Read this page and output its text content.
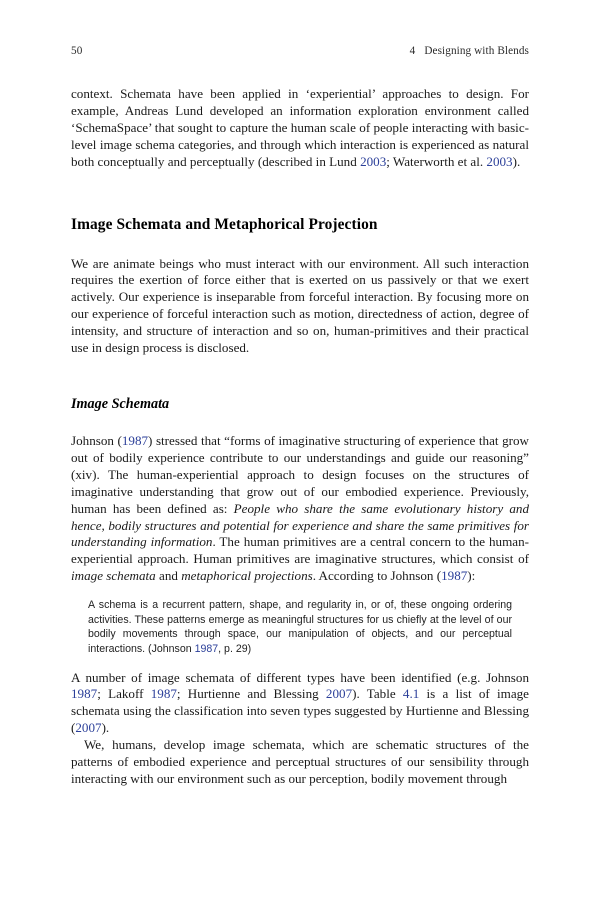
50	4 Designing with Blends

context. Schemata have been applied in ‘experiential’ approaches to design. For example, Andreas Lund developed an information exploration environment called ‘SchemaSpace’ that sought to capture the human scale of people interacting with basic-level image schema categories, and through which interaction is experienced as natural both conceptually and perceptually (described in Lund 2003; Waterworth et al. 2003).

Image Schemata and Metaphorical Projection

We are animate beings who must interact with our environment. All such interaction requires the exertion of force either that is exerted on us passively or that we exert actively. Our experience is inseparable from forceful interaction. By focusing more on our experience of forceful interaction such as motion, directedness of action, degree of intensity, and structure of interaction and so on, human-primitives and their practical use in design process is disclosed.

Image Schemata

Johnson (1987) stressed that “forms of imaginative structuring of experience that grow out of bodily experience contribute to our understandings and guide our reasoning” (xiv). The human-experiential approach to design focuses on the structures of imaginative understanding that grow out of our embodied experience. Previously, human has been defined as: People who share the same evolutionary history and hence, bodily structures and potential for experience and share the same primitives for understanding information. The human primitives are a central concern to the human-experiential approach. Human primitives are imaginative structures, which consist of image schemata and metaphorical projections. According to Johnson (1987):

A schema is a recurrent pattern, shape, and regularity in, or of, these ongoing ordering activities. These patterns emerge as meaningful structures for us chiefly at the level of our bodily movements through space, our manipulation of objects, and our perceptual interactions. (Johnson 1987, p. 29)

A number of image schemata of different types have been identified (e.g. Johnson 1987; Lakoff 1987; Hurtienne and Blessing 2007). Table 4.1 is a list of image schemata using the classification into seven types suggested by Hurtienne and Blessing (2007).

We, humans, develop image schemata, which are schematic structures of the patterns of embodied experience and perceptual structures of our sensibility through interacting with our environment such as our perception, bodily movement through
